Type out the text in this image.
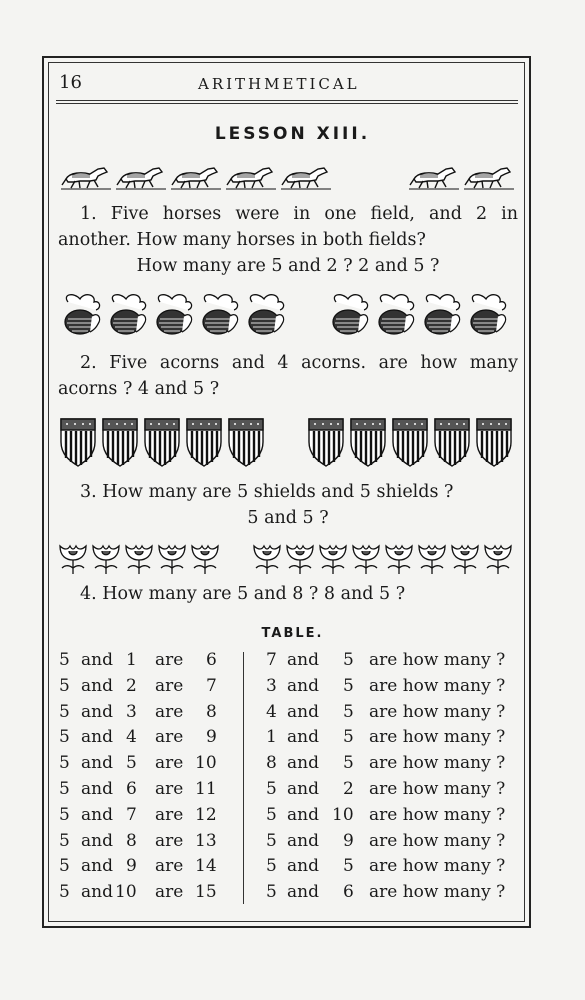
16	ARITHMETICAL
LESSON XIII.
1. Five horses were in one field, and 2 in
another. How many horses in both fields?
How many are 5 and 2 ? 2 and 5 ?
2. Five acorns and 4 acorns. are how many
acorns ? 4 and 5 ?
3. How many are 5 shields and 5 shields ?
5 and 5 ?
4. How many are 5 and 8 ? 8 and 5 ?
TABLE.
5 and 1 are 6
5 and 2 are 7
5 and 3 are 8
5 and 4 are 9
5 and 5 are 10
5 and 6 are 11
5 and 7 are 12
5 and 8 are 13
5 and 9 are 14
5 and 10 are 15
7 and 5 are how many ?
3 and 5 are how many ?
4 and 5 are how many ?
1 and 5 are how many ?
8 and 5 are how many ?
5 and 2 are how many ?
5 and 10 are how many ?
5 and 9 are how many ?
5 and 5 are how many ?
5 and 6 are how many ?
